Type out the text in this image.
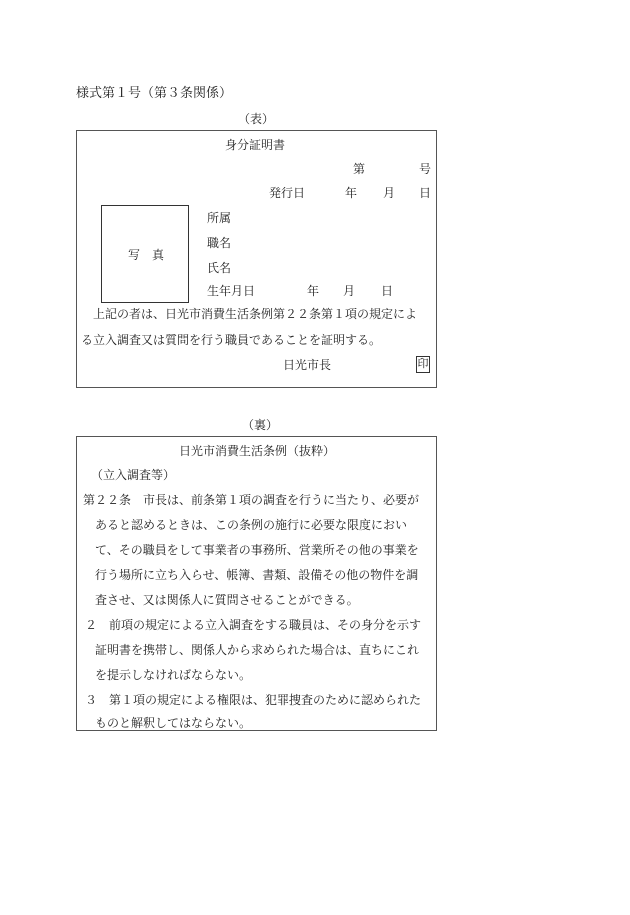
様式第１号（第３条関係）
（表）
身分証明書
第	号
発行日	年 月 日
写　真
所属
職名
氏名
生年月日	年 月 日
上記の者は、日光市消費生活条例第２２条第１項の規定によ
る立入調査又は質問を行う職員であることを証明する。
日光市長	印
（裏）
日光市消費生活条例（抜粋）
（立入調査等）
第２２条　市長は、前条第１項の調査を行うに当たり、必要が
あると認めるときは、この条例の施行に必要な限度におい
て、その職員をして事業者の事務所、営業所その他の事業を
行う場所に立ち入らせ、帳簿、書類、設備その他の物件を調
査させ、又は関係人に質問させることができる。
２　前項の規定による立入調査をする職員は、その身分を示す
証明書を携帯し、関係人から求められた場合は、直ちにこれ
を提示しなければならない。
３　第１項の規定による権限は、犯罪捜査のために認められた
ものと解釈してはならない。
